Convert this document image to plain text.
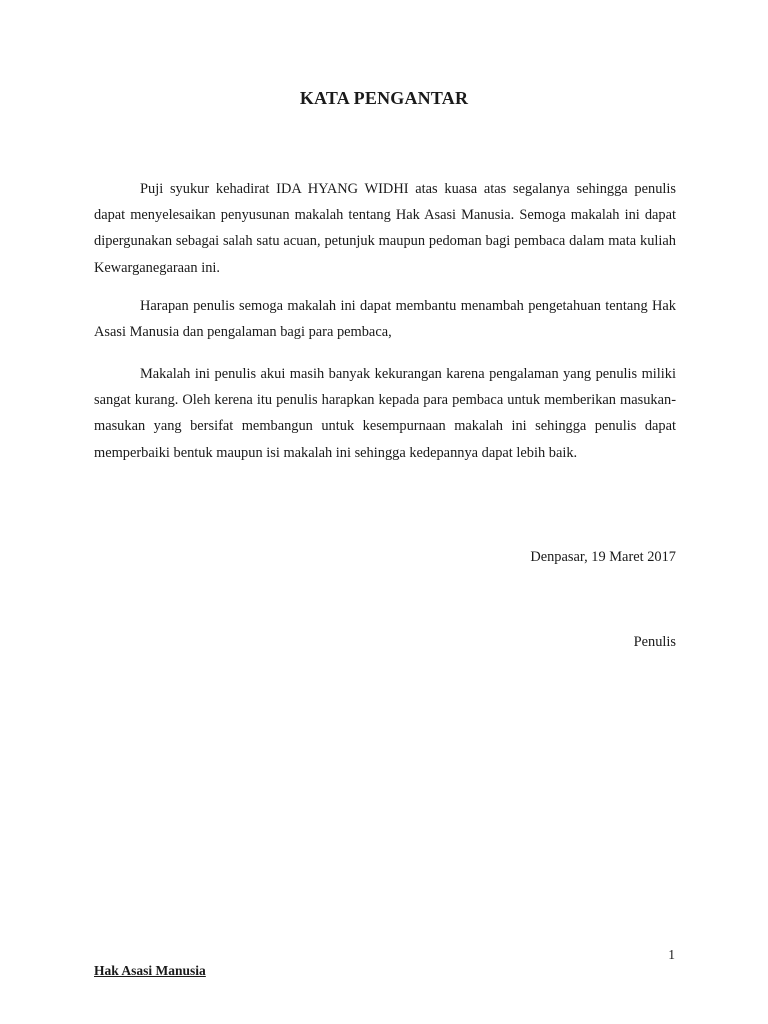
KATA PENGANTAR

Puji syukur kehadirat IDA HYANG WIDHI atas kuasa atas segalanya sehingga penulis dapat menyelesaikan penyusunan makalah tentang Hak Asasi Manusia. Semoga makalah ini dapat dipergunakan sebagai salah satu acuan, petunjuk maupun pedoman bagi pembaca dalam mata kuliah Kewarganegaraan ini.

Harapan penulis semoga makalah ini dapat membantu menambah pengetahuan tentang Hak Asasi Manusia dan pengalaman bagi para pembaca,

Makalah ini penulis akui masih banyak kekurangan karena pengalaman yang penulis miliki sangat kurang. Oleh kerena itu penulis harapkan kepada para pembaca untuk memberikan masukan-masukan yang bersifat membangun untuk kesempurnaan makalah ini sehingga penulis dapat memperbaiki bentuk maupun isi makalah ini sehingga kedepannya dapat lebih baik.

Denpasar, 19 Maret 2017
Penulis
1
Hak Asasi Manusia
